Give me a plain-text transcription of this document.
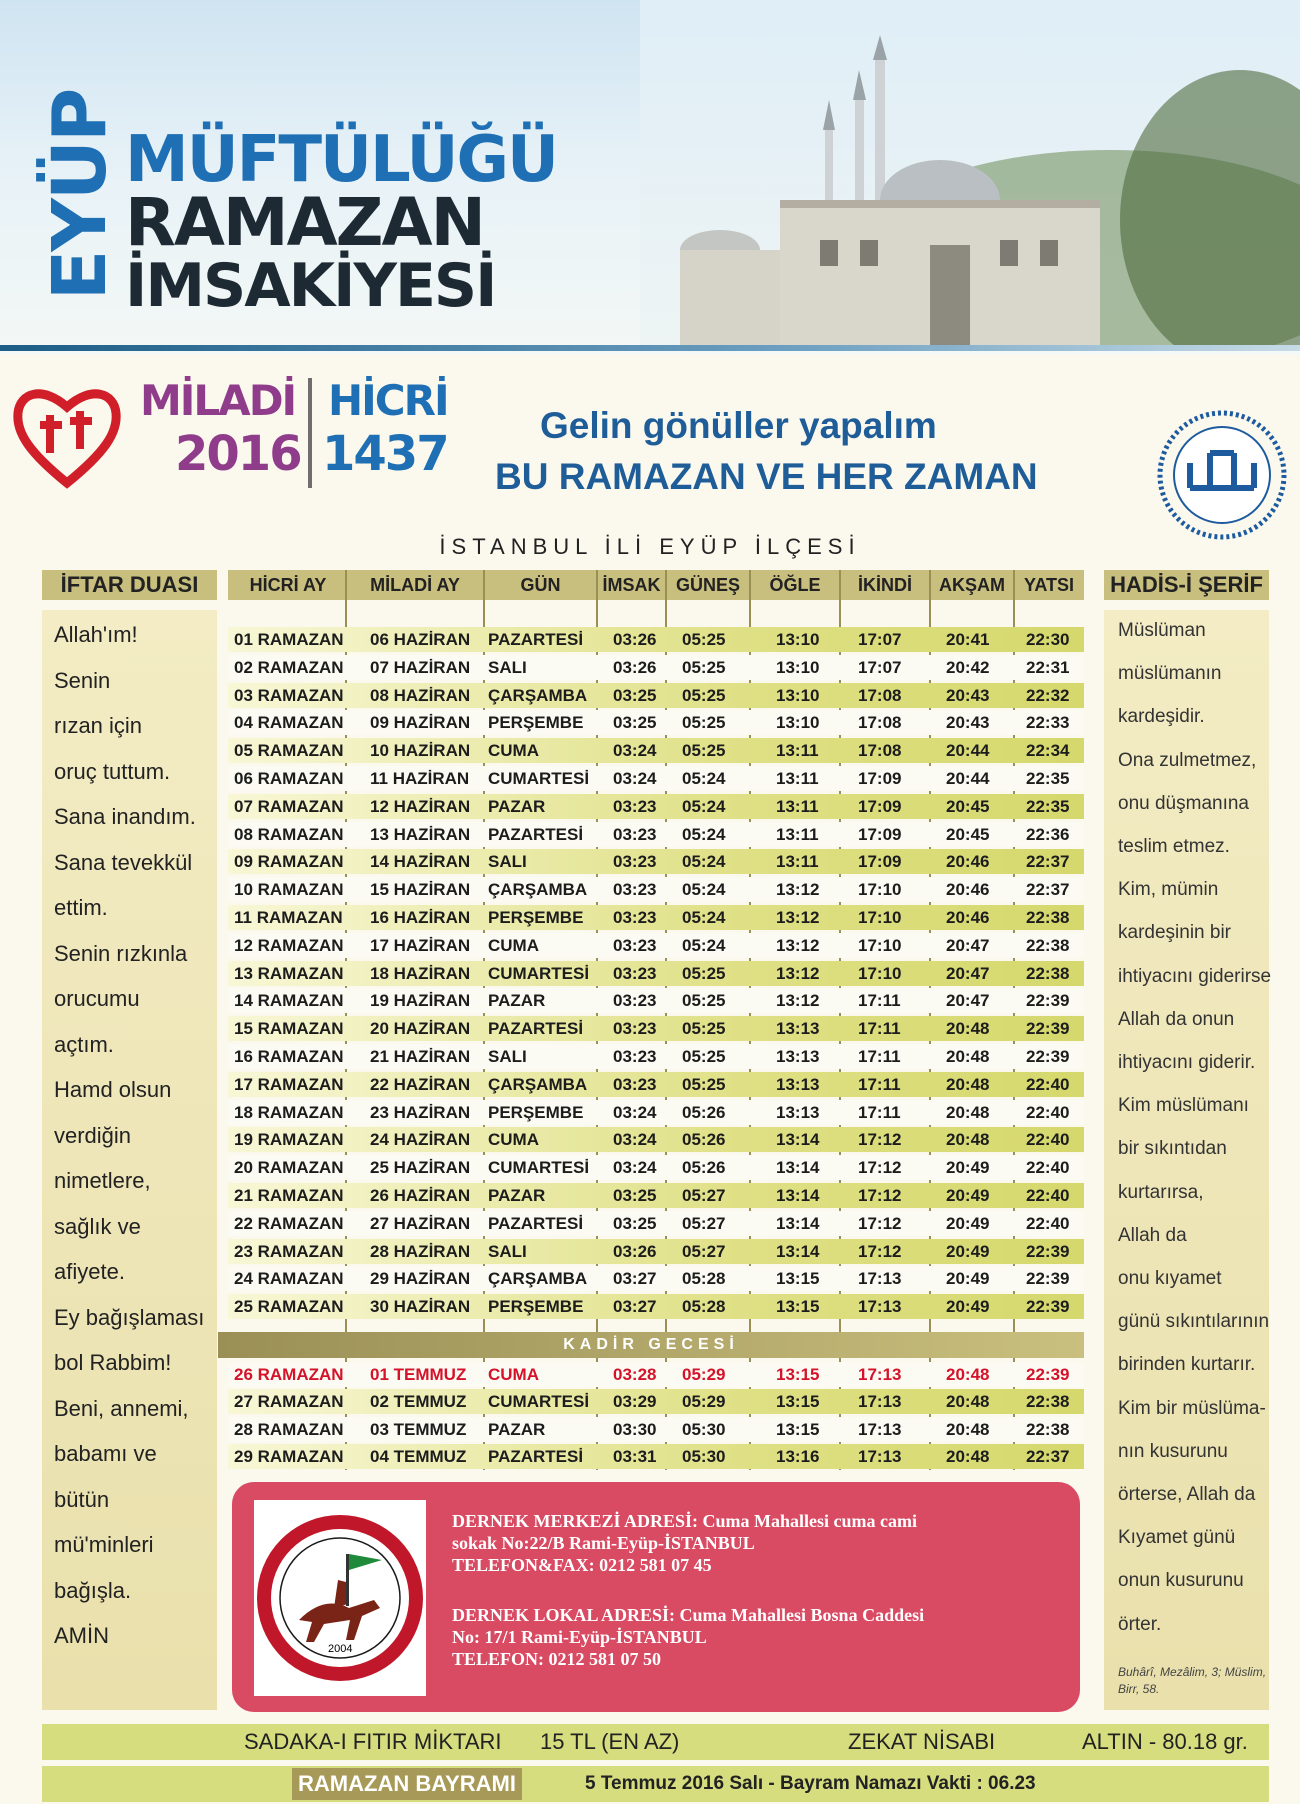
EYÜP MÜFTÜLÜĞÜ
RAMAZAN
İMSAKİYESİ
MİLADİ
2016
HİCRİ
1437
Gelin gönüller yapalım
BU RAMAZAN VE HER ZAMAN
İSTANBUL İLİ EYÜP İLÇESİ
İFTAR DUASI
Allah'ım!
Senin
rızan için
oruç tuttum.
Sana inandım.
Sana tevekkül
ettim.
Senin rızkınla
orucumu
açtım.
Hamd olsun
verdiğin
nimetlere,
sağlık ve
afiyete.
Ey bağışlaması
bol Rabbim!
Beni, annemi,
babamı ve
bütün
mü'minleri
bağışla.
AMİN
HADİS-İ ŞERİF
Müslüman
müslümanın
kardeşidir.
Ona zulmetmez,
onu düşmanına
teslim etmez.
Kim, mümin
kardeşinin bir
ihtiyacını giderirse
Allah da onun
ihtiyacını giderir.
Kim müslümanı
bir sıkıntıdan
kurtarırsa,
Allah da
onu kıyamet
günü sıkıntılarının
birinden kurtarır.
Kim bir müslüma-
nın kusurunu
örterse, Allah da
Kıyamet günü
onun kusurunu
örter.
Buhârî, Mezâlim, 3; Müslim, Birr, 58.
HİCRİ AY	MİLADİ AY	GÜN	İMSAK GÜNEŞ	ÖĞLE	İKİNDİ	AKŞAM	YATSI
01 RAMAZAN 06 HAZİRAN PAZARTESİ 03:26 05:25	13:10 17:07	20:41 22:30
02 RAMAZAN 07 HAZİRAN SALI	03:26 05:25	13:10 17:07	20:42 22:31
03 RAMAZAN 08 HAZİRAN ÇARŞAMBA 03:25 05:25	13:10 17:08	20:43 22:32
04 RAMAZAN 09 HAZİRAN PERŞEMBE 03:25 05:25	13:10 17:08	20:43 22:33
05 RAMAZAN 10 HAZİRAN CUMA	03:24 05:25	13:11 17:08	20:44 22:34
06 RAMAZAN 11 HAZİRAN CUMARTESİ 03:24 05:24	13:11 17:09	20:44 22:35
07 RAMAZAN 12 HAZİRAN PAZAR	03:23 05:24	13:11 17:09	20:45 22:35
08 RAMAZAN 13 HAZİRAN PAZARTESİ 03:23 05:24	13:11 17:09	20:45 22:36
09 RAMAZAN 14 HAZİRAN SALI	03:23 05:24	13:11 17:09	20:46 22:37
10 RAMAZAN 15 HAZİRAN ÇARŞAMBA 03:23 05:24	13:12 17:10	20:46 22:37
11 RAMAZAN 16 HAZİRAN PERŞEMBE 03:23 05:24	13:12 17:10	20:46 22:38
12 RAMAZAN 17 HAZİRAN CUMA	03:23 05:24	13:12 17:10	20:47 22:38
13 RAMAZAN 18 HAZİRAN CUMARTESİ 03:23 05:25	13:12 17:10	20:47 22:38
14 RAMAZAN 19 HAZİRAN PAZAR	03:23 05:25	13:12 17:11	20:47 22:39
15 RAMAZAN 20 HAZİRAN PAZARTESİ 03:23 05:25	13:13 17:11	20:48 22:39
16 RAMAZAN 21 HAZİRAN SALI	03:23 05:25	13:13 17:11	20:48 22:39
17 RAMAZAN 22 HAZİRAN ÇARŞAMBA 03:23 05:25	13:13 17:11	20:48 22:40
18 RAMAZAN 23 HAZİRAN PERŞEMBE 03:24 05:26	13:13 17:11	20:48 22:40
19 RAMAZAN 24 HAZİRAN CUMA	03:24 05:26	13:14 17:12	20:48 22:40
20 RAMAZAN 25 HAZİRAN CUMARTESİ 03:24 05:26	13:14 17:12	20:49 22:40
21 RAMAZAN 26 HAZİRAN PAZAR	03:25 05:27	13:14 17:12	20:49 22:40
22 RAMAZAN 27 HAZİRAN PAZARTESİ 03:25 05:27	13:14 17:12	20:49 22:40
23 RAMAZAN 28 HAZİRAN SALI	03:26 05:27	13:14 17:12	20:49 22:39
24 RAMAZAN 29 HAZİRAN ÇARŞAMBA 03:27 05:28	13:15 17:13	20:49 22:39
25 RAMAZAN 30 HAZİRAN PERŞEMBE 03:27 05:28	13:15 17:13	20:49 22:39
26 RAMAZAN 01 TEMMUZ CUMA	03:28 05:29	13:15 17:13	20:48 22:39
27 RAMAZAN 02 TEMMUZ CUMARTESİ 03:29 05:29	13:15 17:13	20:48 22:38
28 RAMAZAN 03 TEMMUZ PAZAR	03:30 05:30	13:15 17:13	20:48 22:38
29 RAMAZAN 04 TEMMUZ PAZARTESİ 03:31 05:30	13:16 17:13	20:48 22:37
KADİR GECESİ
2004
DERNEK MERKEZİ ADRESİ: Cuma Mahallesi cuma cami
sokak No:22/B Rami-Eyüp-İSTANBUL
TELEFON&FAX: 0212 581 07 45
DERNEK LOKAL ADRESİ: Cuma Mahallesi Bosna Caddesi
No: 17/1 Rami-Eyüp-İSTANBUL
TELEFON: 0212 581 07 50
SADAKA-I FITIR MİKTARI 15 TL (EN AZ)	ZEKAT NİSABI	ALTIN - 80.18 gr.
RAMAZAN BAYRAMI	5 Temmuz 2016 Salı - Bayram Namazı Vakti : 06.23
